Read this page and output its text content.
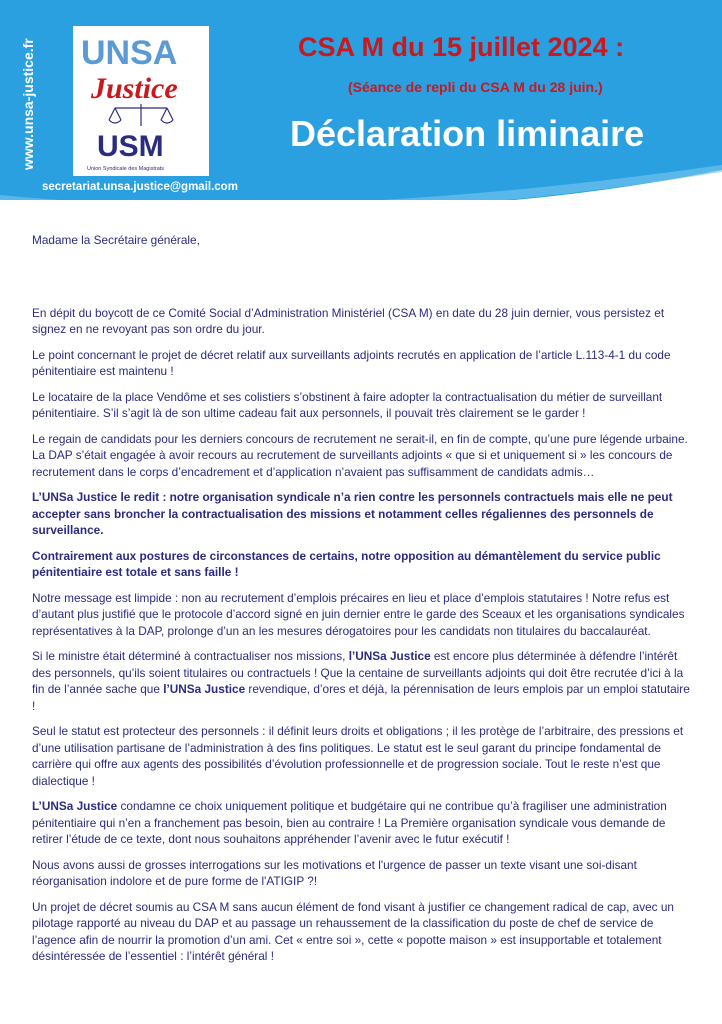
www.unsa-justice.fr UNSA
Justice
USM
Union Syndicale des Magistrats
secretariat.unsa.justice@gmail.com
CSA M du 15 juillet 2024 :
(Séance de repli du CSA M du 28 juin.)
Déclaration liminaire

Madame la Secrétaire générale,

En dépit du boycott de ce Comité Social d’Administration Ministériel (CSA M) en date du 28 juin dernier, vous persistez et signez en ne revoyant pas son ordre du jour.

Le point concernant le projet de décret relatif aux surveillants adjoints recrutés en application de l’article L.113-4-1 du code pénitentiaire est maintenu !

Le locataire de la place Vendôme et ses colistiers s’obstinent à faire adopter la contractualisation du métier de surveillant pénitentiaire. S’il s’agit là de son ultime cadeau fait aux personnels, il pouvait très clairement se le garder !

Le regain de candidats pour les derniers concours de recrutement ne serait-il, en fin de compte, qu’une pure légende urbaine. La DAP s’était engagée à avoir recours au recrutement de surveillants adjoints « que si et uniquement si » les concours de recrutement dans le corps d’encadrement et d’application n’avaient pas suffisamment de candidats admis…

L’UNSa Justice le redit : notre organisation syndicale n’a rien contre les personnels contractuels mais elle ne peut accepter sans broncher la contractualisation des missions et notamment celles régaliennes des personnels de surveillance.

Contrairement aux postures de circonstances de certains, notre opposition au démantèlement du service public pénitentiaire est totale et sans faille !

Notre message est limpide : non au recrutement d’emplois précaires en lieu et place d’emplois statutaires ! Notre refus est d’autant plus justifié que le protocole d’accord signé en juin dernier entre le garde des Sceaux et les organisations syndicales représentatives à la DAP, prolonge d’un an les mesures dérogatoires pour les candidats non titulaires du baccalauréat.

Si le ministre était déterminé à contractualiser nos missions, l’UNSa Justice est encore plus déterminée à défendre l’intérêt des personnels, qu’ils soient titulaires ou contractuels ! Que la centaine de surveillants adjoints qui doit être recrutée d’ici à la fin de l’année sache que l’UNSa Justice revendique, d’ores et déjà, la pérennisation de leurs emplois par un emploi statutaire !

Seul le statut est protecteur des personnels : il définit leurs droits et obligations ; il les protège de l’arbitraire, des pressions et d’une utilisation partisane de l’administration à des fins politiques. Le statut est le seul garant du principe fondamental de carrière qui offre aux agents des possibilités d’évolution professionnelle et de progression sociale. Tout le reste n’est que dialectique !

L’UNSa Justice condamne ce choix uniquement politique et budgétaire qui ne contribue qu’à fragiliser une administration pénitentiaire qui n’en a franchement pas besoin, bien au contraire ! La Première organisation syndicale vous demande de retirer l’étude de ce texte, dont nous souhaitons appréhender l’avenir avec le futur exécutif !

Nous avons aussi de grosses interrogations sur les motivations et l'urgence de passer un texte visant une soi-disant réorganisation indolore et de pure forme de l'ATIGIP ?!

Un projet de décret soumis au CSA M sans aucun élément de fond visant à justifier ce changement radical de cap, avec un pilotage rapporté au niveau du DAP et au passage un rehaussement de la classification du poste de chef de service de l’agence afin de nourrir la promotion d’un ami. Cet « entre soi », cette « popotte maison » est insupportable et totalement désintéressée de l’essentiel : l’intérêt général !
